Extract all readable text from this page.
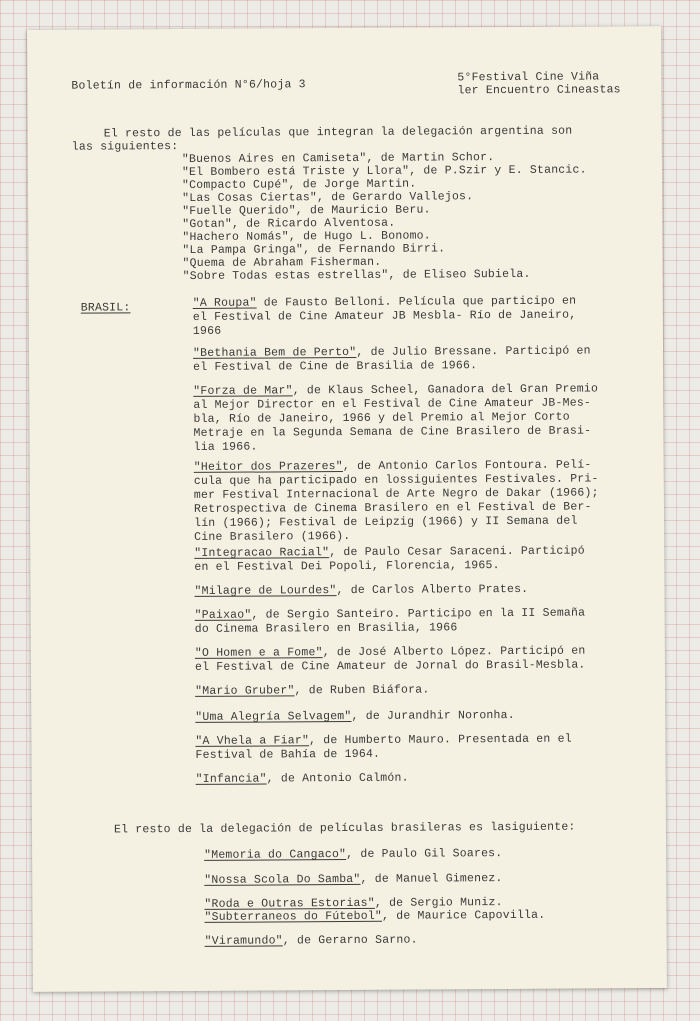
Boletín de información N°6/hoja 3
5°Festival Cine Viña
ler Encuentro Cineastas
El resto de las películas que integran la delegación argentina son
las siguientes:
"Buenos Aires en Camiseta", de Martin Schor.
"El Bombero está Triste y Llora", de P.Szir y E. Stancic.
"Compacto Cupé", de Jorge Martin.
"Las Cosas Ciertas", de Gerardo Vallejos.
"Fuelle Querido", de Mauricio Beru.
"Gotan", de Ricardo Alventosa.
"Hachero Nomás", de Hugo L. Bonomo.
"La Pampa Gringa", de Fernando Birri.
"Quema de Abraham Fisherman.
"Sobre Todas estas estrellas", de Eliseo Subiela.
BRASIL:	"A Roupa" de Fausto Belloni. Película que participo en
el Festival de Cine Amateur JB Mesbla- Río de Janeiro,
1966
"Bethania Bem de Perto", de Julio Bressane. Participó en
el Festival de Cine de Brasilia de 1966.
"Forza de Mar", de Klaus Scheel, Ganadora del Gran Premio
al Mejor Director en el Festival de Cine Amateur JB-Mes-
bla, Río de Janeiro, 1966 y del Premio al Mejor Corto
Metraje en la Segunda Semana de Cine Brasilero de Brasi-
lia 1966.
"Heitor dos Prazeres", de Antonio Carlos Fontoura. Pelí-
cula que ha participado en lossiguientes Festivales. Pri-
mer Festival Internacional de Arte Negro de Dakar (1966);
Retrospectiva de Cinema Brasilero en el Festival de Ber-
lín (1966); Festival de Leipzig (1966) y II Semana del
Cine Brasilero (1966).
"Integracao Racial", de Paulo Cesar Saraceni. Participó
en el Festival Dei Popoli, Florencia, 1965.
"Milagre de Lourdes", de Carlos Alberto Prates.
"Paixao", de Sergio Santeiro. Participo en la II Semaña
do Cinema Brasilero en Brasilia, 1966
"O Homen e a Fome", de José Alberto López. Participó en
el Festival de Cine Amateur de Jornal do Brasil-Mesbla.
"Mario Gruber", de Ruben Biáfora.
"Uma Alegría Selvagem", de Jurandhir Noronha.
"A Vhela a Fiar", de Humberto Mauro. Presentada en el
Festival de Bahía de 1964.
"Infancia", de Antonio Calmón.
El resto de la delegación de películas brasileras es lasiguiente:
"Memoria do Cangaco", de Paulo Gil Soares.
"Nossa Scola Do Samba", de Manuel Gimenez.
"Roda e Outras Estorias", de Sergio Muniz.
"Subterraneos do Fútebol", de Maurice Capovilla.
"Viramundo", de Gerarno Sarno.
